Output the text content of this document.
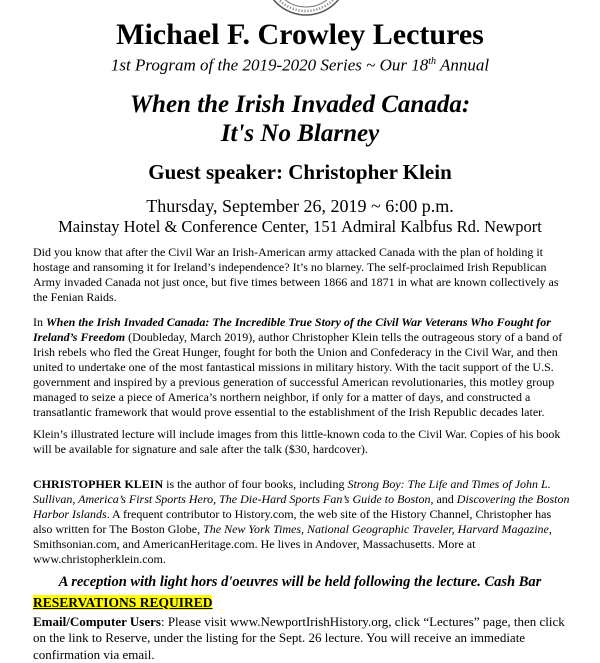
Michael F. Crowley Lectures
1st Program of the 2019-2020 Series ~ Our 18th Annual
When the Irish Invaded Canada:
It's No Blarney
Guest speaker: Christopher Klein
Thursday, September 26, 2019 ~ 6:00 p.m.
Mainstay Hotel & Conference Center, 151 Admiral Kalbfus Rd. Newport
Did you know that after the Civil War an Irish-American army attacked Canada with the plan of holding it hostage and ransoming it for Ireland’s independence? It’s no blarney. The self-proclaimed Irish Republican Army invaded Canada not just once, but five times between 1866 and 1871 in what are known collectively as the Fenian Raids.
In When the Irish Invaded Canada: The Incredible True Story of the Civil War Veterans Who Fought for Ireland’s Freedom (Doubleday, March 2019), author Christopher Klein tells the outrageous story of a band of Irish rebels who fled the Great Hunger, fought for both the Union and Confederacy in the Civil War, and then united to undertake one of the most fantastical missions in military history. With the tacit support of the U.S. government and inspired by a previous generation of successful American revolutionaries, this motley group managed to seize a piece of America’s northern neighbor, if only for a matter of days, and constructed a transatlantic framework that would prove essential to the establishment of the Irish Republic decades later.
Klein’s illustrated lecture will include images from this little-known coda to the Civil War. Copies of his book will be available for signature and sale after the talk ($30, hardcover).
CHRISTOPHER KLEIN is the author of four books, including Strong Boy: The Life and Times of John L. Sullivan, America’s First Sports Hero, The Die-Hard Sports Fan’s Guide to Boston, and Discovering the Boston Harbor Islands. A frequent contributor to History.com, the web site of the History Channel, Christopher has also written for The Boston Globe, The New York Times, National Geographic Traveler, Harvard Magazine, Smithsonian.com, and AmericanHeritage.com. He lives in Andover, Massachusetts. More at www.christopherklein.com.
A reception with light hors d'oeuvres will be held following the lecture. Cash Bar
RESERVATIONS REQUIRED
Email/Computer Users: Please visit www.NewportIrishHistory.org, click “Lectures” page, then click on the link to Reserve, under the listing for the Sept. 26 lecture. You will receive an immediate confirmation via email.
